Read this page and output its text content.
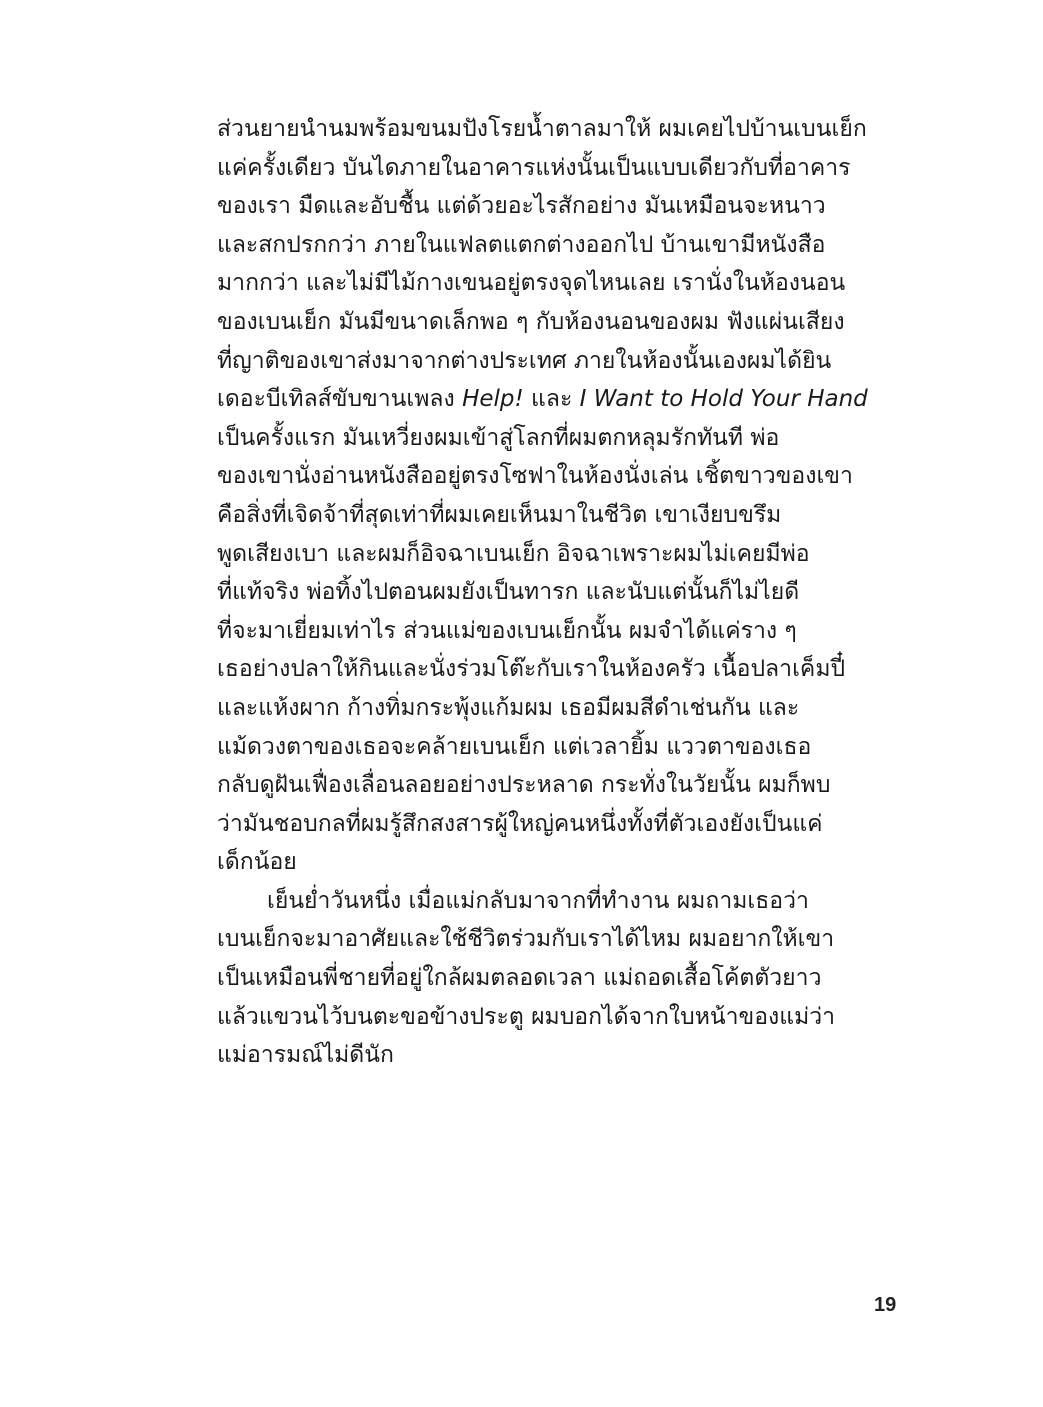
ส่วนยายนำนมพร้อมขนมปังโรยน้ำตาลมาให้ ผมเคยไปบ้านเบนเย็ก
แค่ครั้งเดียว บันไดภายในอาคารแห่งนั้นเป็นแบบเดียวกับที่อาคาร
ของเรา มืดและอับชื้น แต่ด้วยอะไรสักอย่าง มันเหมือนจะหนาว
และสกปรกกว่า ภายในแฟลตแตกต่างออกไป บ้านเขามีหนังสือ
มากกว่า และไม่มีไม้กางเขนอยู่ตรงจุดไหนเลย เรานั่งในห้องนอน
ของเบนเย็ก มันมีขนาดเล็กพอ ๆ กับห้องนอนของผม ฟังแผ่นเสียง
ที่ญาติของเขาส่งมาจากต่างประเทศ ภายในห้องนั้นเองผมได้ยิน
เดอะบีเทิลส์ขับขานเพลง Help! และ I Want to Hold Your Hand
เป็นครั้งแรก มันเหวี่ยงผมเข้าสู่โลกที่ผมตกหลุมรักทันที พ่อ
ของเขานั่งอ่านหนังสืออยู่ตรงโซฟาในห้องนั่งเล่น เชิ้ตขาวของเขา
คือสิ่งที่เจิดจ้าที่สุดเท่าที่ผมเคยเห็นมาในชีวิต เขาเงียบขรึม
พูดเสียงเบา และผมก็อิจฉาเบนเย็ก อิจฉาเพราะผมไม่เคยมีพ่อ
ที่แท้จริง พ่อทิ้งไปตอนผมยังเป็นทารก และนับแต่นั้นก็ไม่ไยดี
ที่จะมาเยี่ยมเท่าไร ส่วนแม่ของเบนเย็กนั้น ผมจำได้แค่ราง ๆ
เธอย่างปลาให้กินและนั่งร่วมโต๊ะกับเราในห้องครัว เนื้อปลาเค็มปี๋
และแห้งผาก ก้างทิ่มกระพุ้งแก้มผม เธอมีผมสีดำเช่นกัน และ
แม้ดวงตาของเธอจะคล้ายเบนเย็ก แต่เวลายิ้ม แววตาของเธอ
กลับดูฝันเฟื่องเลื่อนลอยอย่างประหลาด กระทั่งในวัยนั้น ผมก็พบ
ว่ามันชอบกลที่ผมรู้สึกสงสารผู้ใหญ่คนหนึ่งทั้งที่ตัวเองยังเป็นแค่
เด็กน้อย
เย็นย่ำวันหนึ่ง เมื่อแม่กลับมาจากที่ทำงาน ผมถามเธอว่า
เบนเย็กจะมาอาศัยและใช้ชีวิตร่วมกับเราได้ไหม ผมอยากให้เขา
เป็นเหมือนพี่ชายที่อยู่ใกล้ผมตลอดเวลา แม่ถอดเสื้อโค้ตตัวยาว
แล้วแขวนไว้บนตะขอข้างประตู ผมบอกได้จากใบหน้าของแม่ว่า
แม่อารมณ์ไม่ดีนัก
19
